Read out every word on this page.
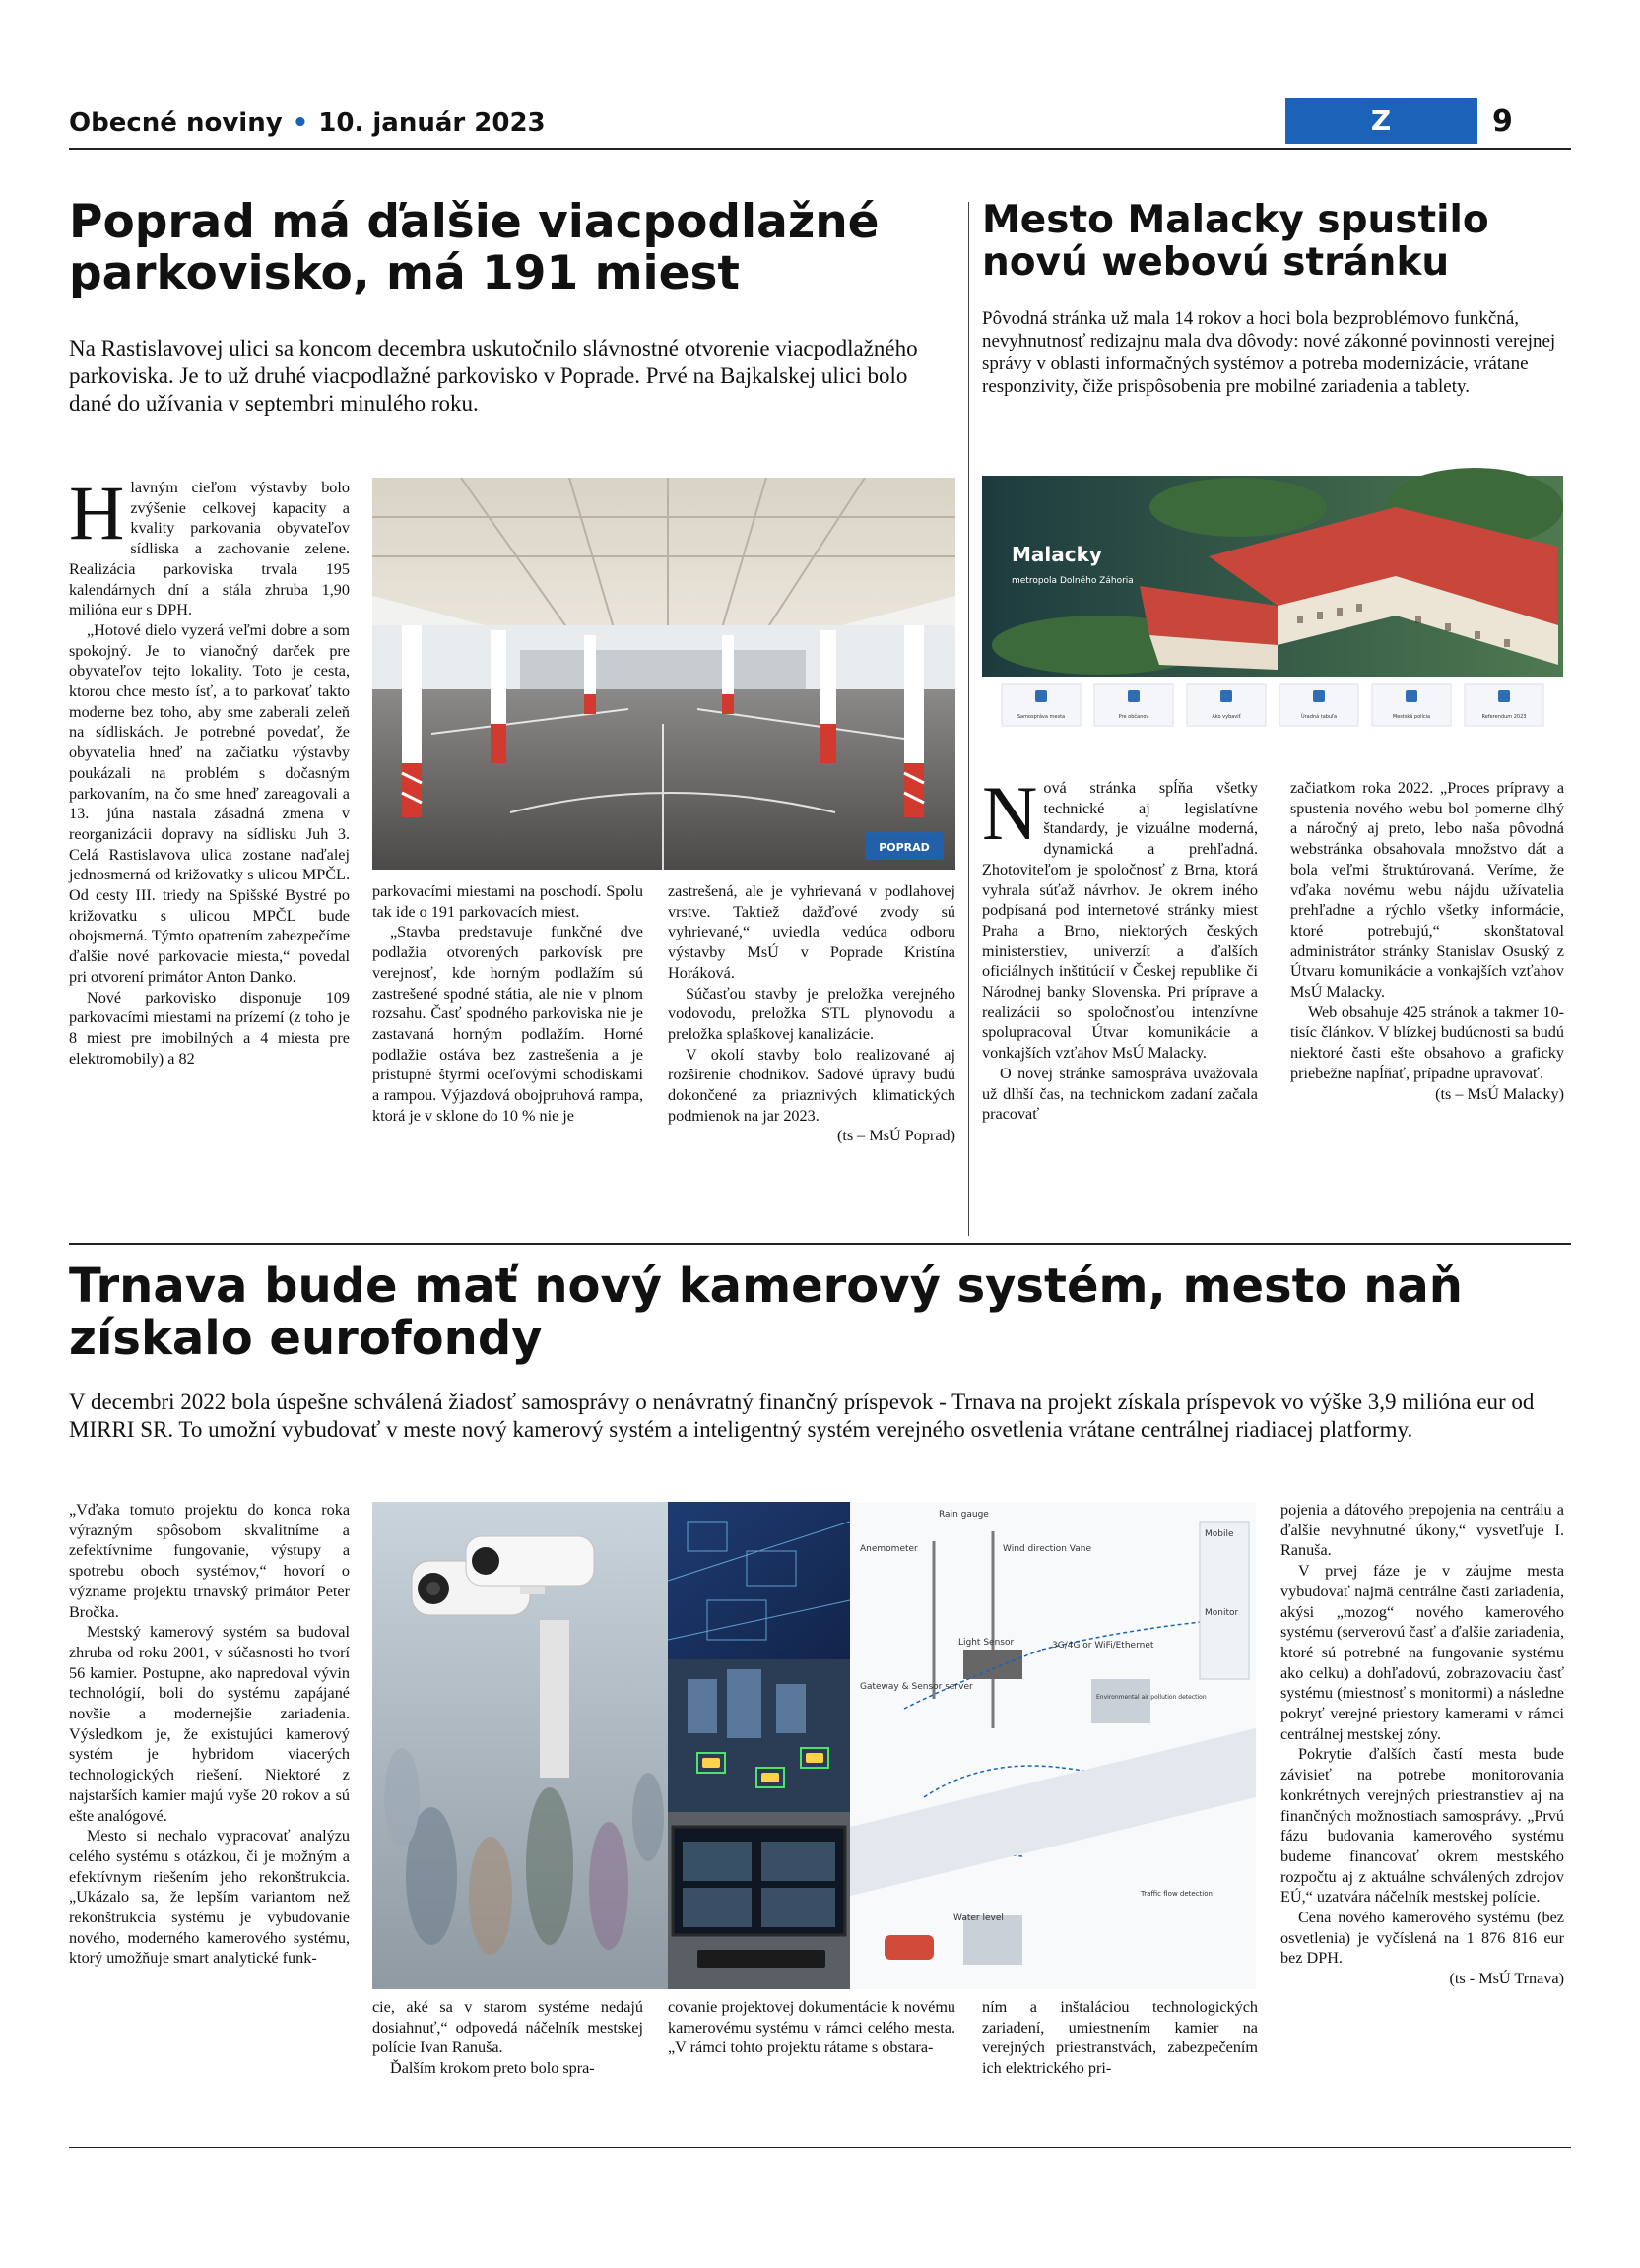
Obecné noviny • 10. január 2023	Z REGIÓNOV
9
Poprad má ďalšie viacpodlažné parkovisko, má 191 miest
Na Rastislavovej ulici sa koncom decembra uskutočnilo slávnostné otvorenie viacpodlažného parkoviska. Je to už druhé viacpodlažné parkovisko v Poprade. Prvé na Bajkalskej ulici bolo dané do užívania v septembri minulého roku.
H lavným cieľom výstavby bolo zvýšenie celkovej kapacity a kvality parkovania obyvateľov sídliska a zachovanie zelene. Realizácia parkoviska trvala 195 kalendárnych dní a stála zhruba 1,90 milióna eur s DPH.

„Hotové dielo vyzerá veľmi dobre a som spokojný. Je to vianočný darček pre obyvateľov tejto lokality. Toto je cesta, ktorou chce mesto ísť, a to parkovať takto moderne bez toho, aby sme zaberali zeleň na sídliskách. Je potrebné povedať, že obyvatelia hneď na začiatku výstavby poukázali na problém s dočasným parkovaním, na čo sme hneď zareagovali a 13. júna nastala zásadná zmena v reorganizácii dopravy na sídlisku Juh 3. Celá Rastislavova ulica zostane naďalej jednosmerná od križovatky s ulicou MPČL. Od cesty III. triedy na Spišské Bystré po križovatku s ulicou MPČL bude obojsmerná. Týmto opatrením zabezpečíme ďalšie nové parkovacie miesta,“ povedal pri otvorení primátor Anton Danko.

Nové parkovisko disponuje 109 parkovacími miestami na prízemí (z toho je 8 miest pre imobilných a 4 miesta pre elektromobily) a 82

POPRAD

parkovacími miestami na poschodí. Spolu tak ide o 191 parkovacích miest.

„Stavba predstavuje funkčné dve podlažia otvorených parkovísk pre verejnosť, kde horným podlažím sú zastrešené spodné státia, ale nie v plnom rozsahu. Časť spodného parkoviska nie je zastavaná horným podlažím. Horné podlažie ostáva bez zastrešenia a je prístupné štyrmi oceľovými schodiskami a rampou. Výjazdová obojpruhová rampa, ktorá je v sklone do 10 % nie je

zastrešená, ale je vyhrievaná v podlahovej vrstve. Taktiež dažďové zvody sú vyhrievané,“ uviedla vedúca odboru výstavby MsÚ v Poprade Kristína Horáková.

Súčasťou stavby je preložka verejného vodovodu, preložka STL plynovodu a preložka splaškovej kanalizácie.

V okolí stavby bolo realizované aj rozšírenie chodníkov. Sadové úpravy budú dokončené za priaznivých klimatických podmienok na jar 2023.

(ts – MsÚ Poprad)

Mesto Malacky spustilo novú webovú stránku
Pôvodná stránka už mala 14 rokov a hoci bola bezproblémovo funkčná, nevyhnutnosť redizajnu mala dva dôvody: nové zákonné povinnosti verejnej správy v oblasti informačných systémov a potreba modernizácie, vrátane responzivity, čiže prispôsobenia pre mobilné zariadenia a tablety.
Malacky
metropola Dolného Záhoria
Samospráva mesta	Pre občanov	Ako vybaviť	Úradná tabuľa	Mestská polícia	Referendum 2023
N ová stránka spĺňa všetky technické aj legislatívne štandardy, je vizuálne moderná, dynamická a prehľadná. Zhotoviteľom je spoločnosť z Brna, ktorá vyhrala súťaž návrhov. Je okrem iného podpísaná pod internetové stránky miest Praha a Brno, niektorých českých ministerstiev, univerzít a ďalších oficiálnych inštitúcií v Českej republike či Národnej banky Slovenska. Pri príprave a realizácii so spoločnosťou intenzívne spolupracoval Útvar komunikácie a vonkajších vzťahov MsÚ Malacky.

O novej stránke samospráva uvažovala už dlhší čas, na technickom zadaní začala pracovať

začiatkom roka 2022. „Proces prípravy a spustenia nového webu bol pomerne dlhý a náročný aj preto, lebo naša pôvodná webstránka obsahovala množstvo dát a bola veľmi štruktúrovaná. Veríme, že vďaka novému webu nájdu užívatelia prehľadne a rýchlo všetky informácie, ktoré potrebujú,“ skonštatoval administrátor stránky Stanislav Osuský z Útvaru komunikácie a vonkajších vzťahov MsÚ Malacky.

Web obsahuje 425 stránok a takmer 10-tisíc článkov. V blízkej budúcnosti sa budú niektoré časti ešte obsahovo a graficky priebežne napĺňať, prípadne upravovať.

(ts – MsÚ Malacky)

Trnava bude mať nový kamerový systém, mesto naň získalo eurofondy
V decembri 2022 bola úspešne schválená žiadosť samosprávy o nenávratný finančný príspevok - Trnava na projekt získala príspevok vo výške 3,9 milióna eur od MIRRI SR. To umožní vybudovať v meste nový kamerový systém a inteligentný systém verejného osvetlenia vrátane centrálnej riadiacej platformy.

„Vďaka tomuto projektu do konca roka výrazným spôsobom skvalitníme a zefektívnime fungovanie, výstupy a spotrebu oboch systémov,“ hovorí o význame projektu trnavský primátor Peter Bročka.

Mestský kamerový systém sa budoval zhruba od roku 2001, v súčasnosti ho tvorí 56 kamier. Postupne, ako napredoval vývin technológií, boli do systému zapájané novšie a modernejšie zariadenia. Výsledkom je, že existujúci kamerový systém je hybridom viacerých technologických riešení. Niektoré z najstarších kamier majú vyše 20 rokov a sú ešte analógové.

Mesto si nechalo vypracovať analýzu celého systému s otázkou, či je možným a efektívnym riešením jeho rekonštrukcia. „Ukázalo sa, že lepším variantom než rekonštrukcia systému je vybudovanie nového, moderného kamerového systému, ktorý umožňuje smart analytické funk-

Rain gauge
Anemometer	Wind direction Vane
Light Sensor
Gateway & Sensor server
3G/4G or WiFi/Ethernet
Mobile
Monitor
Environmental air pollution detection
Water level
Traffic flow detection

cie, aké sa v starom systéme nedajú dosiahnuť,“ odpovedá náčelník mestskej polície Ivan Ranuša.

Ďalším krokom preto bolo spra-

covanie projektovej dokumentácie k novému kamerovému systému v rámci celého mesta. „V rámci tohto projektu rátame s obstara-

ním a inštaláciou technologických zariadení, umiestnením kamier na verejných priestranstvách, zabezpečením ich elektrického pri-

pojenia a dátového prepojenia na centrálu a ďalšie nevyhnutné úkony,“ vysvetľuje I. Ranuša.

V prvej fáze je v záujme mesta vybudovať najmä centrálne časti zariadenia, akýsi „mozog“ nového kamerového systému (serverovú časť a ďalšie zariadenia, ktoré sú potrebné na fungovanie systému ako celku) a dohľadovú, zobrazovaciu časť systému (miestnosť s monitormi) a následne pokryť verejné priestory kamerami v rámci centrálnej mestskej zóny.

Pokrytie ďalších častí mesta bude závisieť na potrebe monitorovania konkrétnych verejných priestranstiev aj na finančných možnostiach samosprávy. „Prvú fázu budovania kamerového systému budeme financovať okrem mestského rozpočtu aj z aktuálne schválených zdrojov EÚ,“ uzatvára náčelník mestskej polície.

Cena nového kamerového systému (bez osvetlenia) je vyčíslená na 1 876 816 eur bez DPH.

(ts - MsÚ Trnava)
